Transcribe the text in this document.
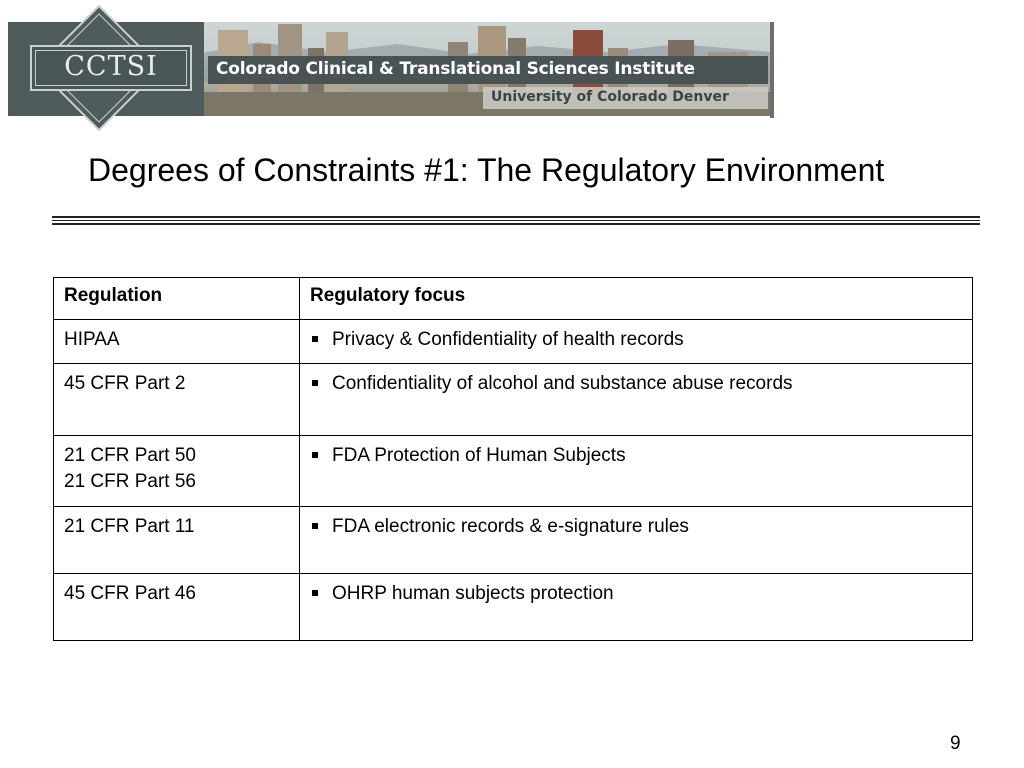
CCTSI	Colorado Clinical & Translational Sciences Institute
University of Colorado Denver
Degrees of Constraints #1: The Regulatory Environment
Regulation	Regulatory focus

HIPAA	Privacy & Confidentiality of health records

45 CFR Part 2	Confidentiality of alcohol and substance abuse records

21 CFR Part 50
21 CFR Part 56	FDA Protection of Human Subjects

21 CFR Part 11	FDA electronic records & e-signature rules

45 CFR Part 46	OHRP human subjects protection
9
